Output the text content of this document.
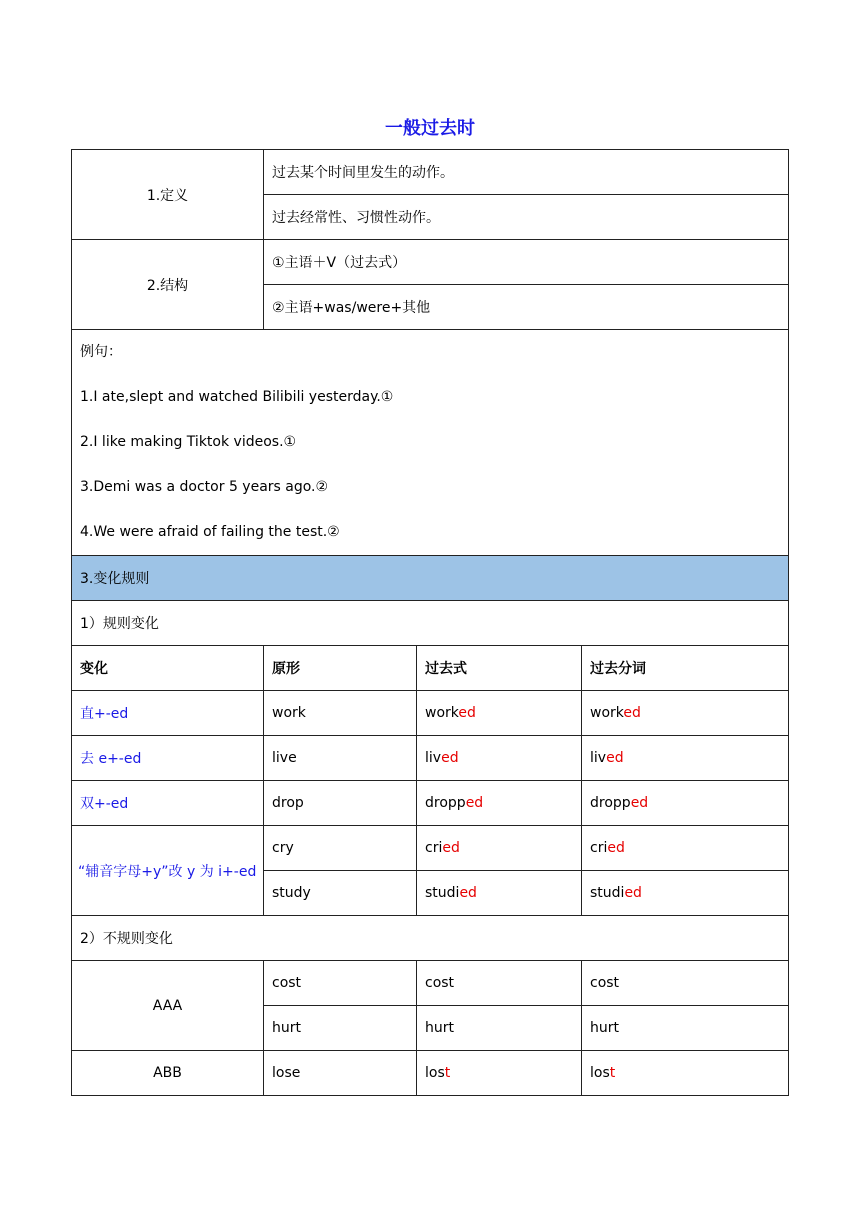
一般过去时
1.定义	过去某个时间里发生的动作。		
	过去经常性、习惯性动作。		
2.结构	①主语＋V（过去式）		
	②主语+was/were+其他		

例句：
1.I ate,slept and watched Bilibili yesterday.①
2.I like making Tiktok videos.①
3.Demi was a doctor 5 years ago.②
4.We were afraid of failing the test.②			

3.变化规则			
1）规则变化			
变化	原形	过去式	过去分词
直+-ed	work	worked	worked
去 e+-ed	live	lived	lived
双+-ed	drop	dropped	dropped
“辅音字母+y”改 y 为 i+-ed	cry	cried	cried
	study	studied	studied
2）不规则变化			
AAA	cost	cost	cost
	hurt	hurt	hurt
ABB	lose	lost	lost
